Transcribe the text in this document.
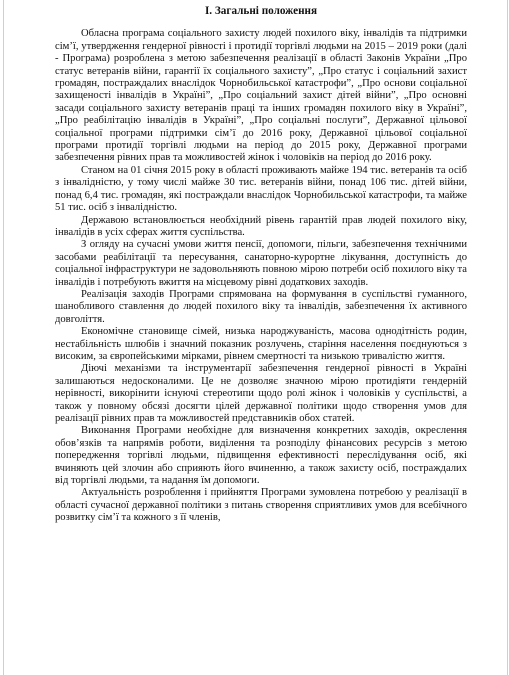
І. Загальні положення

Обласна програма соціального захисту людей похилого віку, інвалідів та підтримки сім’ї, утвердження гендерної рівності і протидії торгівлі людьми на 2015 – 2019 роки (далі - Програма) розроблена з метою забезпечення реалізації в області Законів України „Про статус ветеранів війни, гарантії їх соціального захисту”, „Про статус і соціальний захист громадян, постраждалих внаслідок Чорнобильської катастрофи”, „Про основи соціальної захищеності інвалідів в Україні”, „Про соціальний захист дітей війни”, „Про основні засади соціального захисту ветеранів праці та інших громадян похилого віку в Україні”, „Про реабілітацію інвалідів в Україні”, „Про соціальні послуги”, Державної цільової соціальної програми підтримки сім’ї до 2016 року, Державної цільової соціальної програми протидії торгівлі людьми на період до 2015 року, Державної програми забезпечення рівних прав та можливостей жінок і чоловіків на період до 2016 року.

Станом на 01 січня 2015 року в області проживають майже 194 тис. ветеранів та осіб з інвалідністю, у тому числі майже 30 тис. ветеранів війни, понад 106 тис. дітей війни, понад 6,4 тис. громадян, які постраждали внаслідок Чорнобильської катастрофи, та майже 51 тис. осіб з інвалідністю.

Державою встановлюється необхідний рівень гарантій прав людей похилого віку, інвалідів в усіх сферах життя суспільства.

З огляду на сучасні умови життя пенсії, допомоги, пільги, забезпечення технічними засобами реабілітації та пересування, санаторно-курортне лікування, доступність до соціальної інфраструктури не задовольняють повною мірою потреби осіб похилого віку та інвалідів і потребують вжиття на місцевому рівні додаткових заходів.

Реалізація заходів Програми спрямована на формування в суспільстві гуманного, шанобливого ставлення до людей похилого віку та інвалідів, забезпечення їх активного довголіття.

Економічне становище сімей, низька народжуваність, масова однодітність родин, нестабільність шлюбів і значний показник розлучень, старіння населення поєднуються з високим, за європейськими мірками, рівнем смертності та низькою тривалістю життя.

Діючі механізми та інструментарії забезпечення гендерної рівності в Україні залишаються недосконалими. Це не дозволяє значною мірою протидіяти гендерній нерівності, викорінити існуючі стереотипи щодо ролі жінок і чоловіків у суспільстві, а також у повному обсязі досягти цілей державної політики щодо створення умов для реалізації рівних прав та можливостей представників обох статей.

Виконання Програми необхідне для визначення конкретних заходів, окреслення обов’язків та напрямів роботи, виділення та розподілу фінансових ресурсів з метою попередження торгівлі людьми, підвищення ефективності переслідування осіб, які вчиняють цей злочин або сприяють його вчиненню, а також захисту осіб, постраждалих від торгівлі людьми, та надання їм допомоги.

Актуальність розроблення і прийняття Програми зумовлена потребою у реалізації в області сучасної державної політики з питань створення сприятливих умов для всебічного розвитку сім’ї та кожного з її членів,
